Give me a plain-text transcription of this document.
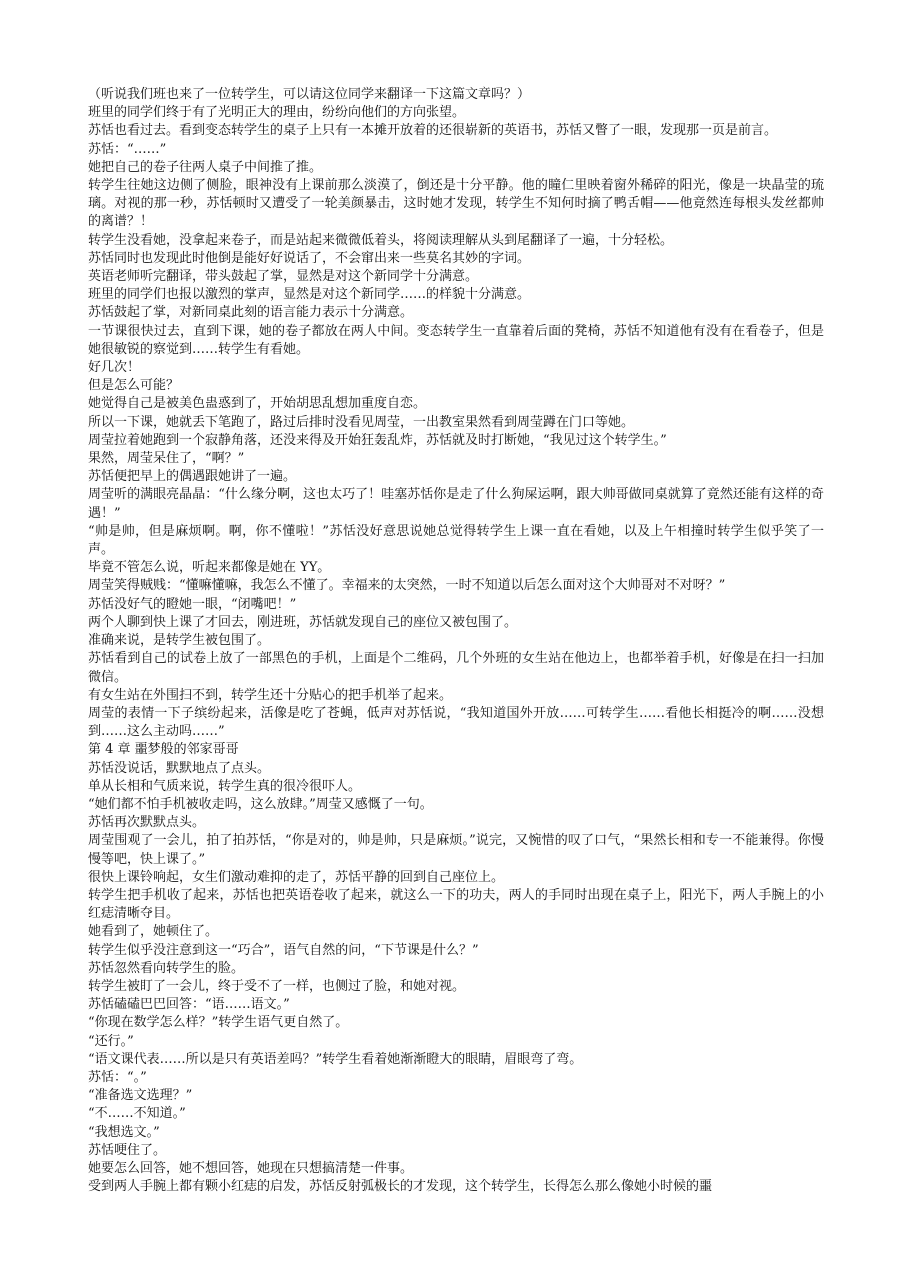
（听说我们班也来了一位转学生，可以请这位同学来翻译一下这篇文章吗？）

班里的同学们终于有了光明正大的理由，纷纷向他们的方向张望。

苏恬也看过去。看到变态转学生的桌子上只有一本摊开放着的还很崭新的英语书，苏恬又瞥了一眼，发现那一页是前言。

苏恬：“……”

她把自己的卷子往两人桌子中间推了推。

转学生往她这边侧了侧脸，眼神没有上课前那么淡漠了，倒还是十分平静。他的瞳仁里映着窗外稀碎的阳光，像是一块晶莹的琉璃。对视的那一秒，苏恬顿时又遭受了一轮美颜暴击，这时她才发现，转学生不知何时摘了鸭舌帽——他竟然连每根头发丝都帅的离谱？！

转学生没看她，没拿起来卷子，而是站起来微微低着头，将阅读理解从头到尾翻译了一遍，十分轻松。

苏恬同时也发现此时他倒是能好好说话了，不会窜出来一些莫名其妙的字词。

英语老师听完翻译，带头鼓起了掌，显然是对这个新同学十分满意。

班里的同学们也报以激烈的掌声，显然是对这个新同学……的样貌十分满意。

苏恬鼓起了掌，对新同桌此刻的语言能力表示十分满意。

一节课很快过去，直到下课，她的卷子都放在两人中间。变态转学生一直靠着后面的凳椅，苏恬不知道他有没有在看卷子，但是她很敏锐的察觉到……转学生有看她。

好几次！

但是怎么可能？

她觉得自己是被美色蛊惑到了，开始胡思乱想加重度自恋。

所以一下课，她就丢下笔跑了，路过后排时没看见周莹，一出教室果然看到周莹蹲在门口等她。

周莹拉着她跑到一个寂静角落，还没来得及开始狂轰乱炸，苏恬就及时打断她，“我见过这个转学生。”

果然，周莹呆住了，“啊？”

苏恬便把早上的偶遇跟她讲了一遍。

周莹听的满眼亮晶晶：“什么缘分啊，这也太巧了！哇塞苏恬你是走了什么狗屎运啊，跟大帅哥做同桌就算了竟然还能有这样的奇遇！”

“帅是帅，但是麻烦啊。啊，你不懂啦！”苏恬没好意思说她总觉得转学生上课一直在看她，以及上午相撞时转学生似乎笑了一声。

毕竟不管怎么说，听起来都像是她在 YY。

周莹笑得贼贱：“懂嘛懂嘛，我怎么不懂了。幸福来的太突然，一时不知道以后怎么面对这个大帅哥对不对呀？”

苏恬没好气的瞪她一眼，“闭嘴吧！”

两个人聊到快上课了才回去，刚进班，苏恬就发现自己的座位又被包围了。

准确来说，是转学生被包围了。

苏恬看到自己的试卷上放了一部黑色的手机，上面是个二维码，几个外班的女生站在他边上，也都举着手机，好像是在扫一扫加微信。

有女生站在外围扫不到，转学生还十分贴心的把手机举了起来。

周莹的表情一下子缤纷起来，活像是吃了苍蝇，低声对苏恬说，“我知道国外开放……可转学生……看他长相挺冷的啊……没想到……这么主动吗……”

第 4 章 噩梦般的邻家哥哥

苏恬没说话，默默地点了点头。

单从长相和气质来说，转学生真的很冷很吓人。

“她们都不怕手机被收走吗，这么放肆。”周莹又感慨了一句。

苏恬再次默默点头。

周莹围观了一会儿，拍了拍苏恬，“你是对的，帅是帅，只是麻烦。”说完，又惋惜的叹了口气，“果然长相和专一不能兼得。你慢慢等吧，快上课了。”

很快上课铃响起，女生们激动难抑的走了，苏恬平静的回到自己座位上。

转学生把手机收了起来，苏恬也把英语卷收了起来，就这么一下的功夫，两人的手同时出现在桌子上，阳光下，两人手腕上的小红痣清晰夺目。

她看到了，她顿住了。

转学生似乎没注意到这一“巧合”，语气自然的问，“下节课是什么？”

苏恬忽然看向转学生的脸。

转学生被盯了一会儿，终于受不了一样，也侧过了脸，和她对视。

苏恬磕磕巴巴回答：“语……语文。”

“你现在数学怎么样？”转学生语气更自然了。

“还行。”

“语文课代表……所以是只有英语差吗？”转学生看着她渐渐瞪大的眼睛，眉眼弯了弯。

苏恬：“。”

“准备选文选理？”

“不……不知道。”

“我想选文。”

苏恬哽住了。

她要怎么回答，她不想回答，她现在只想搞清楚一件事。

受到两人手腕上都有颗小红痣的启发，苏恬反射弧极长的才发现，这个转学生，长得怎么那么像她小时候的噩
